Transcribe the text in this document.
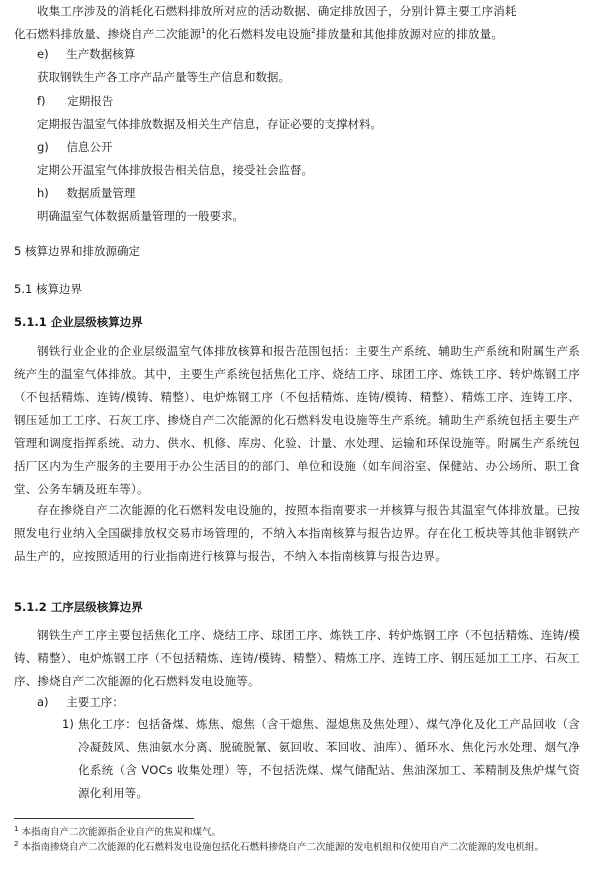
收集工序涉及的消耗化石燃料排放所对应的活动数据、确定排放因子，分别计算主要工序消耗
化石燃料排放量、掺烧自产二次能源$^1$的化石燃料发电设施$^2$排放量和其他排放源对应的排放量。

e) 生产数据核算
获取钢铁生产各工序产品产量等生产信息和数据。
f) 定期报告
定期报告温室气体排放数据及相关生产信息，存证必要的支撑材料。
g) 信息公开
定期公开温室气体排放报告相关信息，接受社会监督。
h) 数据质量管理
明确温室气体数据质量管理的一般要求。
5 核算边界和排放源确定
5.1 核算边界
5.1.1 企业层级核算边界

钢铁行业企业的企业层级温室气体排放核算和报告范围包括：主要生产系统、辅助生产系统和附属生产系统产生的温室气体排放。其中，主要生产系统包括焦化工序、烧结工序、球团工序、炼铁工序、转炉炼钢工序（不包括精炼、连铸/模铸、精整）、电炉炼钢工序（不包括精炼、连铸/模铸、精整）、精炼工序、连铸工序、钢压延加工工序、石灰工序、掺烧自产二次能源的化石燃料发电设施等生产系统。辅助生产系统包括主要生产管理和调度指挥系统、动力、供水、机修、库房、化验、计量、水处理、运输和环保设施等。附属生产系统包括厂区内为生产服务的主要用于办公生活目的的部门、单位和设施（如车间浴室、保健站、办公场所、职工食堂、公务车辆及班车等）。

存在掺烧自产二次能源的化石燃料发电设施的，按照本指南要求一并核算与报告其温室气体排放量。已按照发电行业纳入全国碳排放权交易市场管理的，不纳入本指南核算与报告边界。存在化工板块等其他非钢铁产品生产的，应按照适用的行业指南进行核算与报告，不纳入本指南核算与报告边界。

5.1.2 工序层级核算边界

钢铁生产工序主要包括焦化工序、烧结工序、球团工序、炼铁工序、转炉炼钢工序（不包括精炼、连铸/模铸、精整）、电炉炼钢工序（不包括精炼、连铸/模铸、精整）、精炼工序、连铸工序、钢压延加工工序、石灰工序、掺烧自产二次能源的化石燃料发电设施等。

a) 主要工序：
1) 焦化工序：包括备煤、炼焦、熄焦（含干熄焦、湿熄焦及焦处理）、煤气净化及化工产品回收（含冷凝鼓风、焦油氨水分离、脱硫脱氰、氨回收、苯回收、油库）、循环水、焦化污水处理、烟气净化系统（含 VOCs 收集处理）等，不包括洗煤、煤气储配站、焦油深加工、苯精制及焦炉煤气资源化利用等。

$^1$ 本指南自产二次能源指企业自产的焦炭和煤气。

$^2$ 本指南掺烧自产二次能源的化石燃料发电设施包括化石燃料掺烧自产二次能源的发电机组和仅使用自产二次能源的发电机组。
